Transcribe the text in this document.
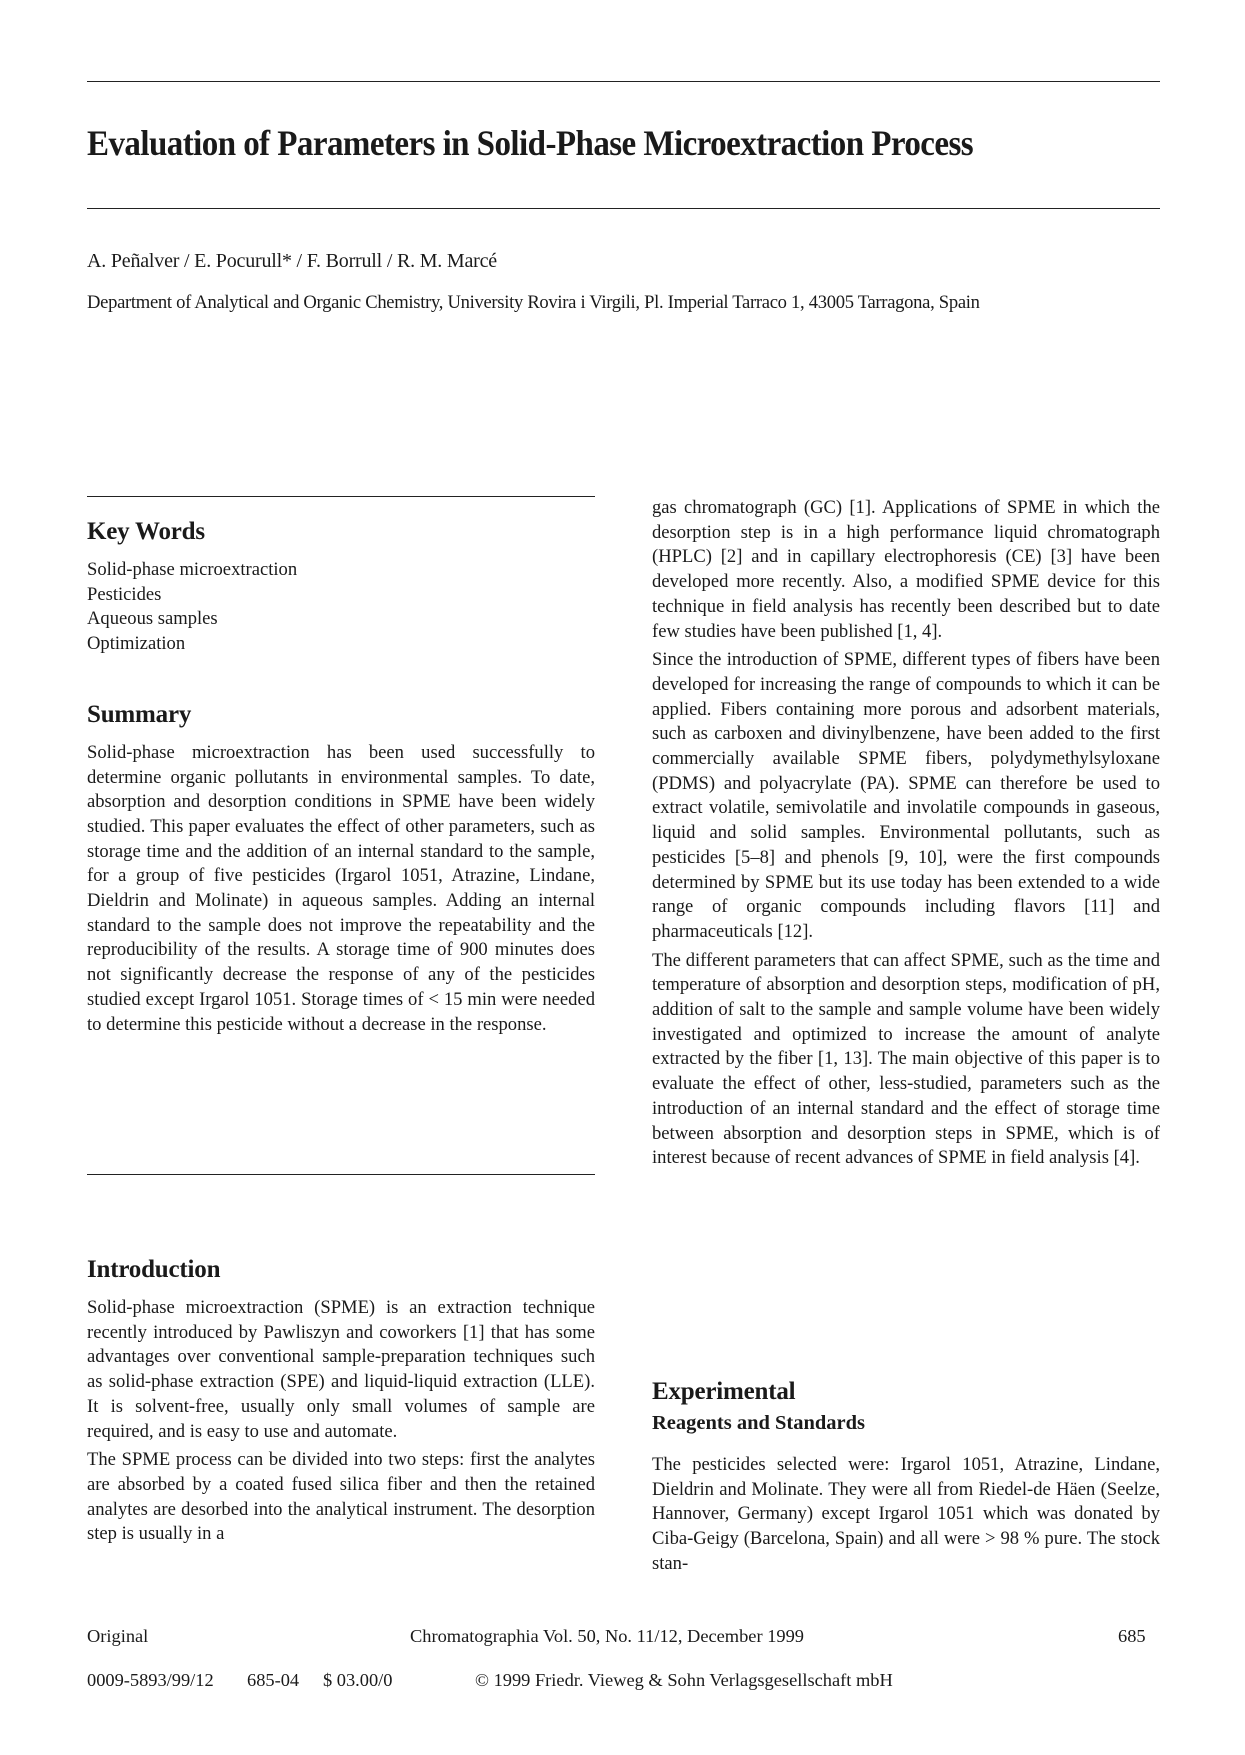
Evaluation of Parameters in Solid-Phase Microextraction Process
A. Peñalver / E. Pocurull* / F. Borrull / R. M. Marcé
Department of Analytical and Organic Chemistry, University Rovira i Virgili, Pl. Imperial Tarraco 1, 43005 Tarragona, Spain
Key Words
Solid-phase microextraction
Pesticides
Aqueous samples
Optimization
Summary

Solid-phase microextraction has been used successfully to determine organic pollutants in environmental samples. To date, absorption and desorption conditions in SPME have been widely studied. This paper evaluates the effect of other parameters, such as storage time and the addition of an internal standard to the sample, for a group of five pesticides (Irgarol 1051, Atrazine, Lindane, Dieldrin and Molinate) in aqueous samples. Adding an internal standard to the sample does not improve the repeatability and the reproducibility of the results. A storage time of 900 minutes does not significantly decrease the response of any of the pesticides studied except Irgarol 1051. Storage times of < 15 min were needed to determine this pesticide without a decrease in the response.

Introduction

Solid-phase microextraction (SPME) is an extraction technique recently introduced by Pawliszyn and coworkers [1] that has some advantages over conventional sample-preparation techniques such as solid-phase extraction (SPE) and liquid-liquid extraction (LLE). It is solvent-free, usually only small volumes of sample are required, and is easy to use and automate.

The SPME process can be divided into two steps: first the analytes are absorbed by a coated fused silica fiber and then the retained analytes are desorbed into the analytical instrument. The desorption step is usually in a

gas chromatograph (GC) [1]. Applications of SPME in which the desorption step is in a high performance liquid chromatograph (HPLC) [2] and in capillary electrophoresis (CE) [3] have been developed more recently. Also, a modified SPME device for this technique in field analysis has recently been described but to date few studies have been published [1, 4].

Since the introduction of SPME, different types of fibers have been developed for increasing the range of compounds to which it can be applied. Fibers containing more porous and adsorbent materials, such as carboxen and divinylbenzene, have been added to the first commercially available SPME fibers, polydymethylsyloxane (PDMS) and polyacrylate (PA). SPME can therefore be used to extract volatile, semivolatile and involatile compounds in gaseous, liquid and solid samples. Environmental pollutants, such as pesticides [5–8] and phenols [9, 10], were the first compounds determined by SPME but its use today has been extended to a wide range of organic compounds including flavors [11] and pharmaceuticals [12].

The different parameters that can affect SPME, such as the time and temperature of absorption and desorption steps, modification of pH, addition of salt to the sample and sample volume have been widely investigated and optimized to increase the amount of analyte extracted by the fiber [1, 13]. The main objective of this paper is to evaluate the effect of other, less-studied, parameters such as the introduction of an internal standard and the effect of storage time between absorption and desorption steps in SPME, which is of interest because of recent advances of SPME in field analysis [4].

Experimental
Reagents and Standards

The pesticides selected were: Irgarol 1051, Atrazine, Lindane, Dieldrin and Molinate. They were all from Riedel-de Häen (Seelze, Hannover, Germany) except Irgarol 1051 which was donated by Ciba-Geigy (Barcelona, Spain) and all were > 98 % pure. The stock stan-

Original	Chromatographia Vol. 50, No. 11/12, December 1999	685
0009-5893/99/12 685-04 $ 03.00/0	© 1999 Friedr. Vieweg & Sohn Verlagsgesellschaft mbH
